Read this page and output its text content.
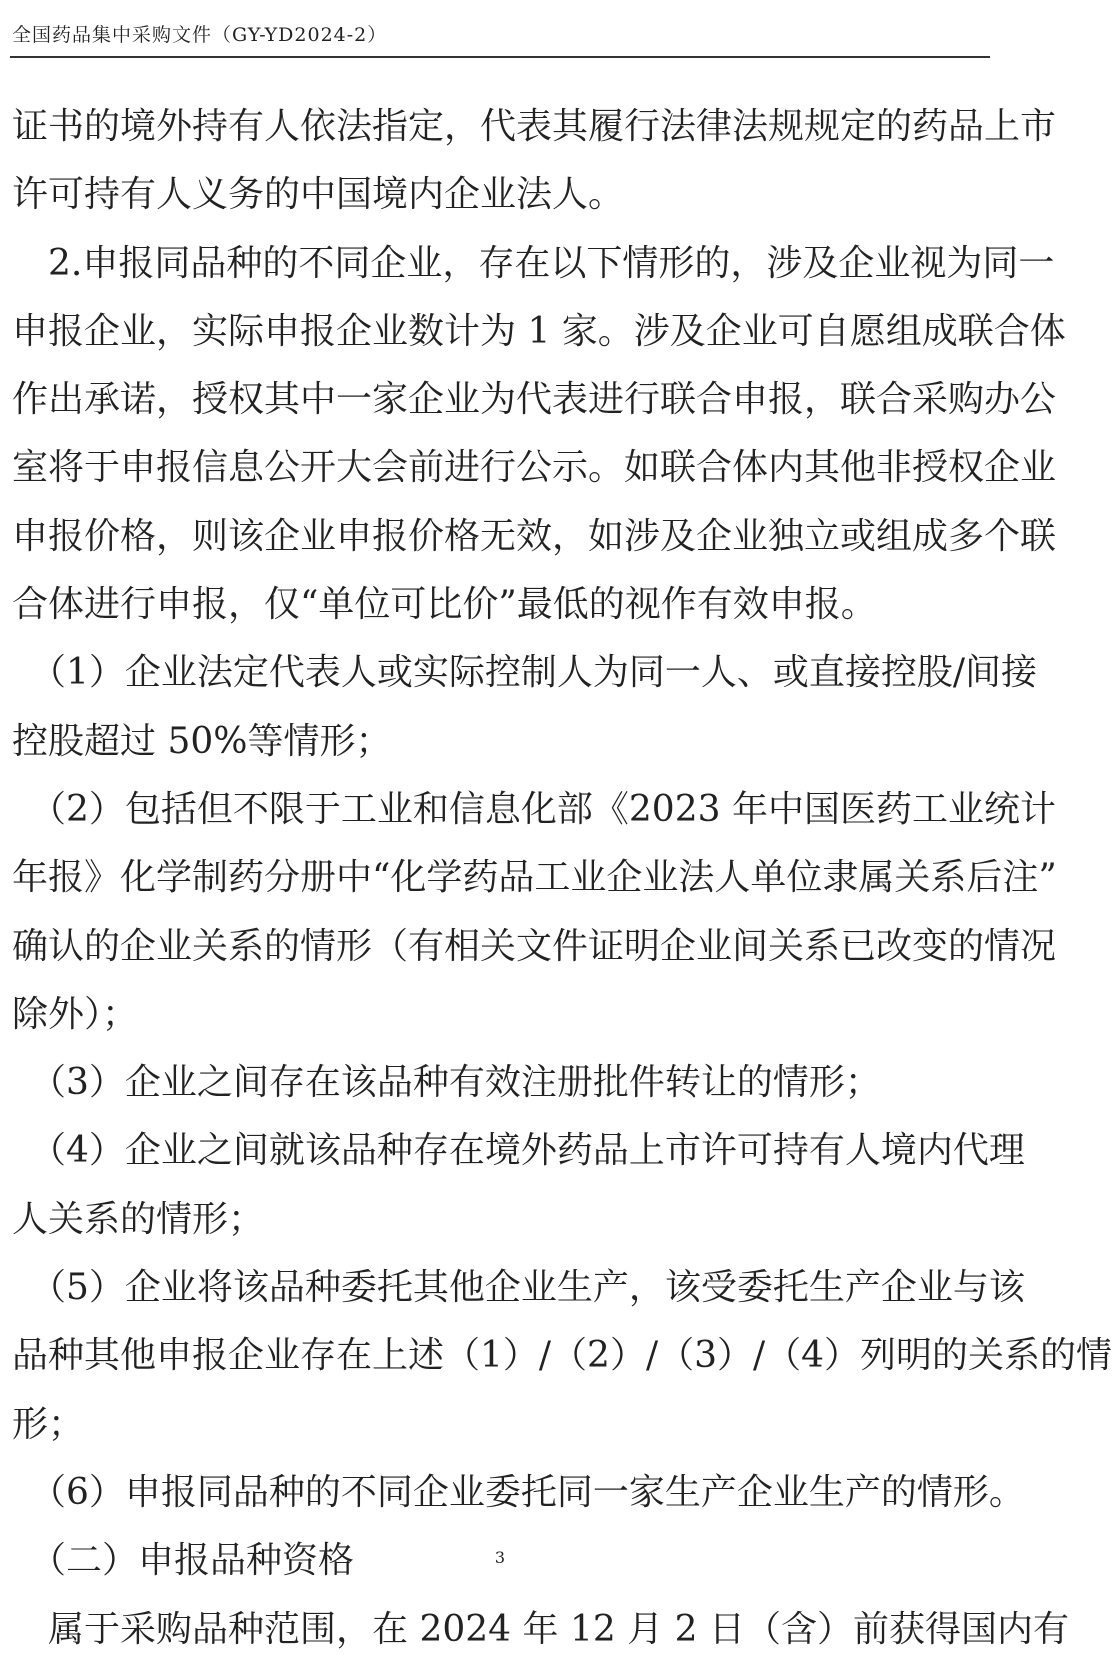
全国药品集中采购文件（GY-YD2024-2）
证书的境外持有人依法指定，代表其履行法律法规规定的药品上市
许可持有人义务的中国境内企业法人。
　2.申报同品种的不同企业，存在以下情形的，涉及企业视为同一
申报企业，实际申报企业数计为 1 家。涉及企业可自愿组成联合体
作出承诺，授权其中一家企业为代表进行联合申报，联合采购办公
室将于申报信息公开大会前进行公示。如联合体内其他非授权企业
申报价格，则该企业申报价格无效，如涉及企业独立或组成多个联
合体进行申报，仅“单位可比价”最低的视作有效申报。
　（1）企业法定代表人或实际控制人为同一人、或直接控股/间接
控股超过 50%等情形；
　（2）包括但不限于工业和信息化部《2023 年中国医药工业统计
年报》化学制药分册中“化学药品工业企业法人单位隶属关系后注”
确认的企业关系的情形（有相关文件证明企业间关系已改变的情况
除外）；
　（3）企业之间存在该品种有效注册批件转让的情形；
　（4）企业之间就该品种存在境外药品上市许可持有人境内代理
人关系的情形；
　（5）企业将该品种委托其他企业生产，该受委托生产企业与该
品种其他申报企业存在上述（1）/（2）/（3）/（4）列明的关系的情
形；
　（6）申报同品种的不同企业委托同一家生产企业生产的情形。
　（二）申报品种资格
　属于采购品种范围，在 2024 年 12 月 2 日（含）前获得国内有
3
